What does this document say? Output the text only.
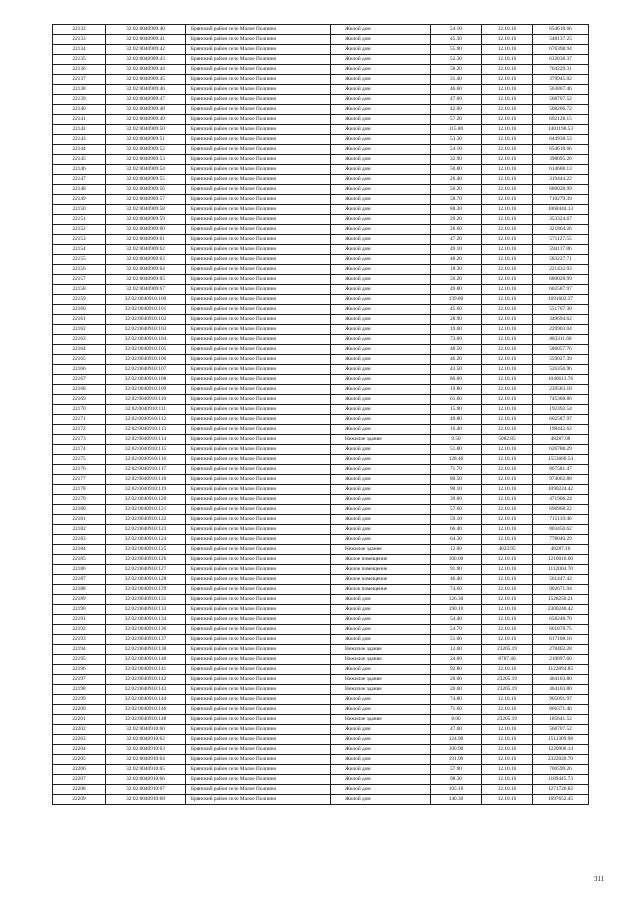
22132	32:02:0040909:40	Брянский район село Малое Полпино	Жилой дом	54.10	12.10.16	654618.66
22133	32:02:0040909:41	Брянский район село Малое Полпино	Жилой дом	45.30	12.10.16	548137.25
22134	32:02:0040909:42	Брянский район село Малое Полпино	Жилой дом	55.90	12.10.16	676398.94
22135	32:02:0040909:43	Брянский район село Малое Полпино	Жилой дом	52.30	12.10.16	632838.37
22136	32:02:0040909:44	Брянский район село Малое Полпино	Жилой дом	58.20	12.10.16	704229.31
22137	32:02:0040909:45	Брянский район село Малое Полпино	Жилой дом	31.40	12.10.16	379945.02
22138	32:02:0040909:46	Брянский район село Малое Полпино	Жилой дом	46.60	12.10.16	563867.46
22139	32:02:0040909:47	Брянский район село Малое Полпино	Жилой дом	47.00	12.10.16	568707.52
22140	32:02:0040909:48	Брянский район село Малое Полпино	Жилой дом	42.00	12.10.16	508206.72
22141	32:02:0040909:49	Брянский район село Малое Полпино	Жилой дом	57.20	12.10.16	692128.15
22142	32:02:0040909:50	Брянский район село Малое Полпино	Жилой дом	115.80	12.10.16	1401198.53
22143	32:02:0040909:51	Брянский район село Малое Полпино	Жилой дом	53.30	12.10.16	644938.53
22144	32:02:0040909:52	Брянский район село Малое Полпино	Жилой дом	54.10	12.10.16	654618.66
22145	32:02:0040909:53	Брянский район село Малое Полпино	Жилой дом	32.90	12.10.16	398095.26
22146	32:02:0040909:54	Брянский район село Малое Полпино	Жилой дом	50.80	12.10.16	614688.13
22147	32:02:0040909:55	Брянский район село Малое Полпино	Жилой дом	26.40	12.10.16	319444.22
22148	32:02:0040909:56	Брянский район село Малое Полпино	Жилой дом	56.20	12.10.16	680028.99
22149	32:02:0040909:57	Брянский район село Малое Полпино	Жилой дом	58.70	12.10.16	710279.39
22150	32:02:0040909:58	Брянский район село Малое Полпино	Жилой дом	88.30	12.10.16	1068444.13
22151	32:02:0040909:59	Брянский район село Малое Полпино	Жилой дом	29.20	12.10.16	353324.67
22152	32:02:0040909:60	Брянский район село Малое Полпино	Жилой дом	26.60	12.10.16	321864.26
22153	32:02:0040909:61	Брянский район село Малое Полпино	Жилой дом	47.20	12.10.16	571127.55
22154	32:02:0040909:62	Брянский район село Малое Полпино	Жилой дом	49.10	12.10.16	594117.86
22155	32:02:0040909:63	Брянский район село Малое Полпино	Жилой дом	48.20	12.10.16	583227.71
22156	32:02:0040909:64	Брянский район село Малое Полпино	Жилой дом	18.30	12.10.16	221432.93
22157	32:02:0040909:65	Брянский район село Малое Полпино	Жилой дом	56.20	12.10.16	680028.99
22158	32:02:0040909:67	Брянский район село Малое Полпино	Жилой дом	49.80	12.10.16	602587.97
22159	32:02:0040910:100	Брянский район село Малое Полпино	Жилой дом	139.80	12.10.16	1691602.37
22160	32:02:0040910:101	Брянский район село Малое Полпино	Жилой дом	45.60	12.10.16	551767.30
22161	32:02:0040910:102	Брянский район село Малое Полпино	Жилой дом	28.90	12.10.16	349694.62
22162	32:02:0040910:103	Брянский район село Малое Полпино	Жилой дом	19.00	12.10.16	229903.04
22163	32:02:0040910:104	Брянский район село Малое Полпино	Жилой дом	73.00	12.10.16	883311.68
22164	32:02:0040910:105	Брянский район село Малое Полпино	Жилой дом	48.50	12.10.16	586857.76
22165	32:02:0040910:106	Брянский район село Малое Полпино	Жилой дом	46.20	12.10.16	559027.39
22166	32:02:0040910:107	Брянский район село Малое Полпино	Жилой дом	43.50	12.10.16	526356.96
22167	32:02:0040910:108	Брянский район село Малое Полпино	Жилой дом	86.00	12.10.16	1040613.76
22168	32:02:0040910:109	Брянский район село Малое Полпино	Жилой дом	19.80	12.10.16	239583.18
22169	32:02:0040910:110	Брянский район село Малое Полпино	Жилой дом	61.60	12.10.16	745368.86
22170	32:02:0040910:111	Брянский район село Малое Полпино	Жилой дом	15.90	12.10.16	192392.54
22171	32:02:0040910:112	Брянский район село Малое Полпино	Жилой дом	49.80	12.10.16	602587.97
22172	32:02:0040910:113	Брянский район село Малое Полпино	Жилой дом	16.40	12.10.16	198442.62
22173	32:02:0040910:114	Брянский район село Малое Полпино	Нежилое здание	9.50	5082.85	48287.08
22174	32:02:0040910:115	Брянский район село Малое Полпино	Жилой дом	51.80	12.10.16	626788.29
22175	32:02:0040910:116	Брянский район село Малое Полпино	Жилой дом	128.40	12.10.16	1553660.54
22176	32:02:0040910:117	Брянский район село Малое Полпино	Жилой дом	71.70	12.10.16	867581.47
22177	32:02:0040910:118	Брянский район село Малое Полпино	Жилой дом	80.50	12.10.16	974062.88
22178	32:02:0040910:119	Брянский район село Малое Полпино	Жилой дом	90.10	12.10.16	1090224.42
22179	32:02:0040910:120	Брянский район село Малое Полпино	Жилой дом	39.00	12.10.16	471906.24
22180	32:02:0040910:121	Брянский район село Малое Полпино	Жилой дом	57.60	12.10.16	696968.22
22181	32:02:0040910:122	Брянский район село Малое Полпино	Жилой дом	59.10	12.10.16	715119.46
22182	32:02:0040910:123	Брянский район село Малое Полпино	Жилой дом	66.40	12.10.16	803450.62
22183	32:02:0040910:124	Брянский район село Малое Полпино	Жилой дом	64.30	12.10.16	778040.29
22184	32:02:0040910:125	Брянский район село Малое Полпино	Нежилое здание	12.00	4023.95	48287.16
22185	32:02:0040910:126	Брянский район село Малое Полпино	Жилое помещение	100.00	12.10.16	1210016.00
22186	32:02:0040910:127	Брянский район село Малое Полпино	Жилое помещение	91.90	12.10.16	1112004.70
22187	32:02:0040910:128	Брянский район село Малое Полпино	Жилое помещение	46.40	12.10.16	561447.42
22188	32:02:0040910:129	Брянский район село Малое Полпино	Жилое помещение	74.60	12.10.16	902671.94
22189	32:02:0040910:131	Брянский район село Малое Полпино	Жилой дом	126.30	12.10.16	1528250.21
22190	32:02:0040910:133	Брянский район село Малое Полпино	Жилой дом	190.10	12.10.16	2300240.42
22191	32:02:0040910:134	Брянский район село Малое Полпино	Жилой дом	54.40	12.10.16	658248.70
22192	32:02:0040910:136	Брянский район село Малое Полпино	Жилой дом	54.70	12.10.16	661878.75
22193	32:02:0040910:137	Брянский район село Малое Полпино	Жилой дом	51.00	12.10.16	617108.16
22194	32:02:0040910:138	Брянский район село Малое Полпино	Нежилое здание	12.00	23205.19	278462.28
22195	32:02:0040910:140	Брянский район село Малое Полпино	Нежилое здание	24.00	8787.40	210897.60
22196	32:02:0040910:141	Брянский район село Малое Полпино	Жилой дом	92.80	12.10.16	1122894.85
22197	32:02:0040910:142	Брянский район село Малое Полпино	Нежилое здание	20.00	23205.19	464103.80
22198	32:02:0040910:143	Брянский район село Малое Полпино	Нежилое здание	20.00	23205.19	464103.80
22199	32:02:0040910:144	Брянский район село Малое Полпино	Жилой дом	74.80	12.10.16	905091.97
22200	32:02:0040910:146	Брянский район село Малое Полпино	Жилой дом	71.60	12.10.16	866371.46
22201	32:02:0040910:148	Брянский район село Малое Полпино	Нежилое здание	8.00	23205.19	185641.52
22202	32:02:0040910:60	Брянский район село Малое Полпино	Жилой дом	47.00	12.10.16	568707.52
22203	32:02:0040910:62	Брянский район село Малое Полпино	Жилой дом	124.90	12.10.16	1511309.98
22204	32:02:0040910:63	Брянский район село Малое Полпино	Жилой дом	100.90	12.10.16	1220906.14
22205	32:02:0040910:64	Брянский район село Малое Полпино	Жилой дом	191.90	12.10.16	2322020.70
22206	32:02:0040910:65	Брянский район село Малое Полпино	Жилой дом	57.90	12.10.16	700599.26
22207	32:02:0040910:66	Брянский район село Малое Полпино	Жилой дом	98.30	12.10.16	1189445.73
22208	32:02:0040910:67	Брянский район село Малое Полпино	Жилой дом	105.10	12.10.16	1271726.82
22209	32:02:0040910:68	Брянский район село Малое Полпино	Жилой дом	140.30	12.10.16	1697652.45
311
